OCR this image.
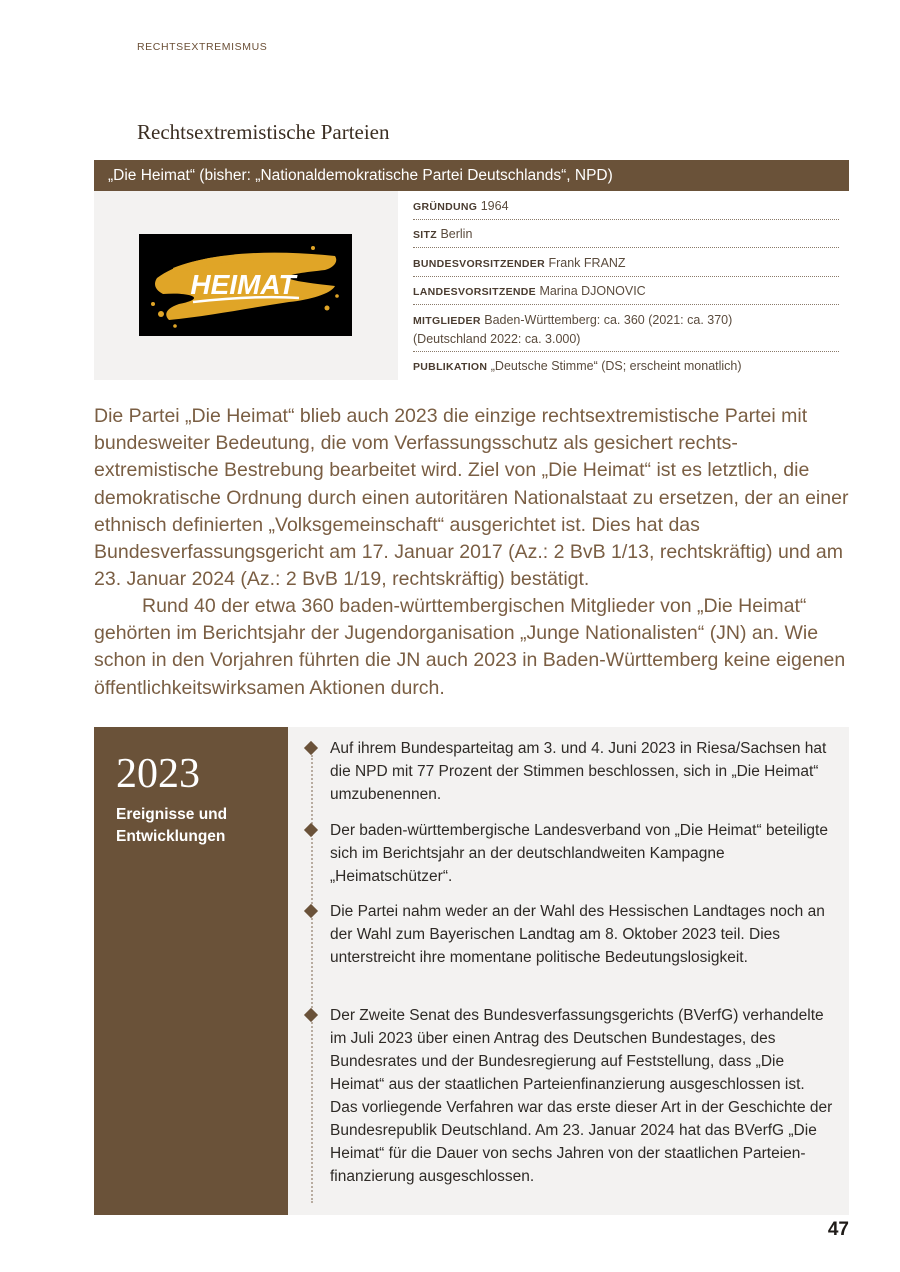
RECHTSEXTREMISMUS
Rechtsextremistische Parteien
„Die Heimat“ (bisher: „Nationaldemokratische Partei Deutschlands“, NPD)
HEIMAT
GRÜNDUNG 1964
SITZ Berlin
BUNDESVORSITZENDER Frank FRANZ
LANDESVORSITZENDE Marina DJONOVIC
MITGLIEDER Baden-Württemberg: ca. 360 (2021: ca. 370)
(Deutschland 2022: ca. 3.000)
PUBLIKATION „Deutsche Stimme“ (DS; erscheint monatlich)

Die Partei „Die Heimat“ blieb auch 2023 die einzige rechtsextremistische Partei mit bundesweiter Bedeutung, die vom Verfassungsschutz als gesichert rechtsextremistische Bestrebung bearbeitet wird. Ziel von „Die Heimat“ ist es letztlich, die demokratische Ordnung durch einen autoritären Nationalstaat zu ersetzen, der an einer ethnisch definierten „Volksgemeinschaft“ ausgerichtet ist. Dies hat das Bundesverfassungsgericht am 17. Januar 2017 (Az.: 2 BvB 1/13, rechtskräftig) und am 23. Januar 2024 (Az.: 2 BvB 1/19, rechtskräftig) bestätigt.

Rund 40 der etwa 360 baden-württembergischen Mitglieder von „Die Heimat“ gehörten im Berichtsjahr der Jugendorganisation „Junge Nationalisten“ (JN) an. Wie schon in den Vorjahren führten die JN auch 2023 in Baden-Württemberg keine eigenen öffentlichkeitswirksamen Aktionen durch.

2023
Ereignisse und Entwicklungen
Auf ihrem Bundesparteitag am 3. und 4. Juni 2023 in Riesa/Sachsen hat die NPD mit 77 Prozent der Stimmen beschlossen, sich in „Die Heimat“ umzubenennen.
Der baden-württembergische Landesverband von „Die Heimat“ beteiligte sich im Berichtsjahr an der deutschlandweiten Kampagne „Heimatschützer“.
Die Partei nahm weder an der Wahl des Hessischen Landtages noch an der Wahl zum Bayerischen Landtag am 8. Oktober 2023 teil. Dies unterstreicht ihre momentane politische Bedeutungslosigkeit.
Der Zweite Senat des Bundesverfassungsgerichts (BVerfG) verhandelte im Juli 2023 über einen Antrag des Deutschen Bundestages, des Bundesrates und der Bundesregierung auf Feststellung, dass „Die Heimat“ aus der staatlichen Parteienfinanzierung ausgeschlossen ist. Das vorliegende Verfahren war das erste dieser Art in der Geschichte der Bundesrepublik Deutschland. Am 23. Januar 2024 hat das BVerfG „Die Heimat“ für die Dauer von sechs Jahren von der staatlichen Parteienfinanzierung ausgeschlossen.
47
